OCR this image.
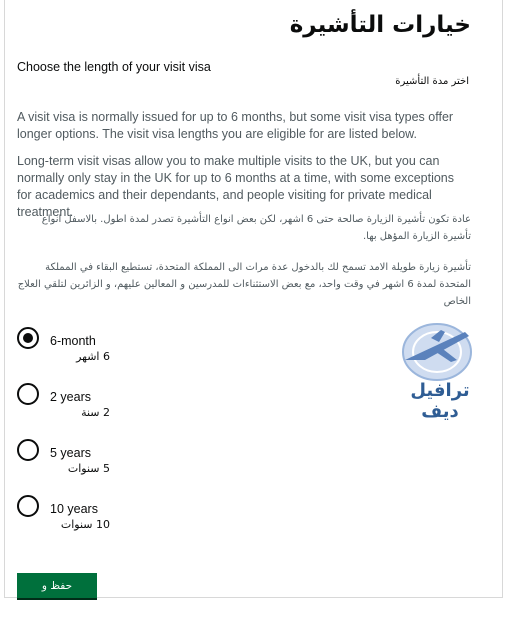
خيارات التأشيرة
Choose the length of your visit visa
اختر مدة التأشيرة
A visit visa is normally issued for up to 6 months, but some visit visa types offer longer options. The visit visa lengths you are eligible for are listed below.
Long-term visit visas allow you to make multiple visits to the UK, but you can normally only stay in the UK for up to 6 months at a time, with some exceptions for academics and their dependants, and people visiting for private medical treatment.
عادة تكون تأشيرة الزيارة صالحة حتى 6 اشهر، لكن بعض انواع التأشيرة تصدر لمدة اطول. بالاسفل انواع تأشيرة الزيارة المؤهل بها.
تأشيرة زيارة طويلة الامد تسمح لك بالدخول عدة مرات الى المملكة المتحدة، تستطيع البقاء في المملكة المتحدة لمدة 6 اشهر في وقت واحد، مع بعض الاستثناءات للمدرسين و المعالين عليهم، و الزائرين لتلقي العلاج الخاص
6-month
6 اشهر
2 years
2 سنة
5 years
5 سنوات
10 years
10 سنوات
ترافيل ديف
حفظ و استمرار
